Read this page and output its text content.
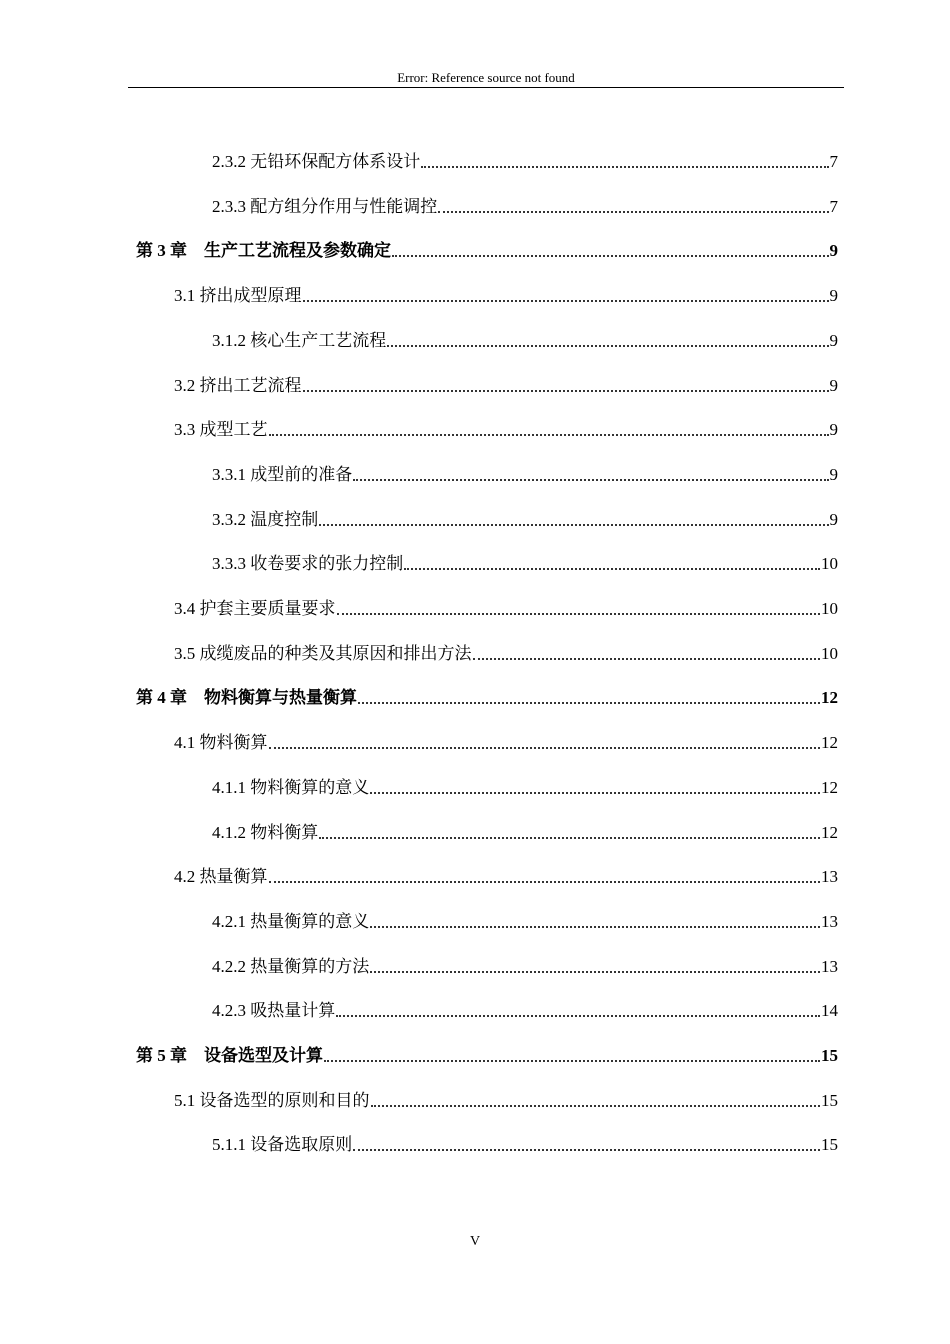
Error: Reference source not found
2.3.2 无铅环保配方体系设计	7
2.3.3 配方组分作用与性能调控	7
第 3 章　生产工艺流程及参数确定	9
3.1 挤出成型原理	9
3.1.2 核心生产工艺流程	9
3.2 挤出工艺流程	9
3.3 成型工艺	9
3.3.1 成型前的准备	9
3.3.2 温度控制	9
3.3.3 收卷要求的张力控制	10
3.4 护套主要质量要求	10
3.5 成缆废品的种类及其原因和排出方法	10
第 4 章　物料衡算与热量衡算	12
4.1 物料衡算	12
4.1.1 物料衡算的意义	12
4.1.2 物料衡算	12
4.2 热量衡算	13
4.2.1 热量衡算的意义	13
4.2.2 热量衡算的方法	13
4.2.3 吸热量计算	14
第 5 章　设备选型及计算	15
5.1 设备选型的原则和目的	15
5.1.1 设备选取原则	15
V
